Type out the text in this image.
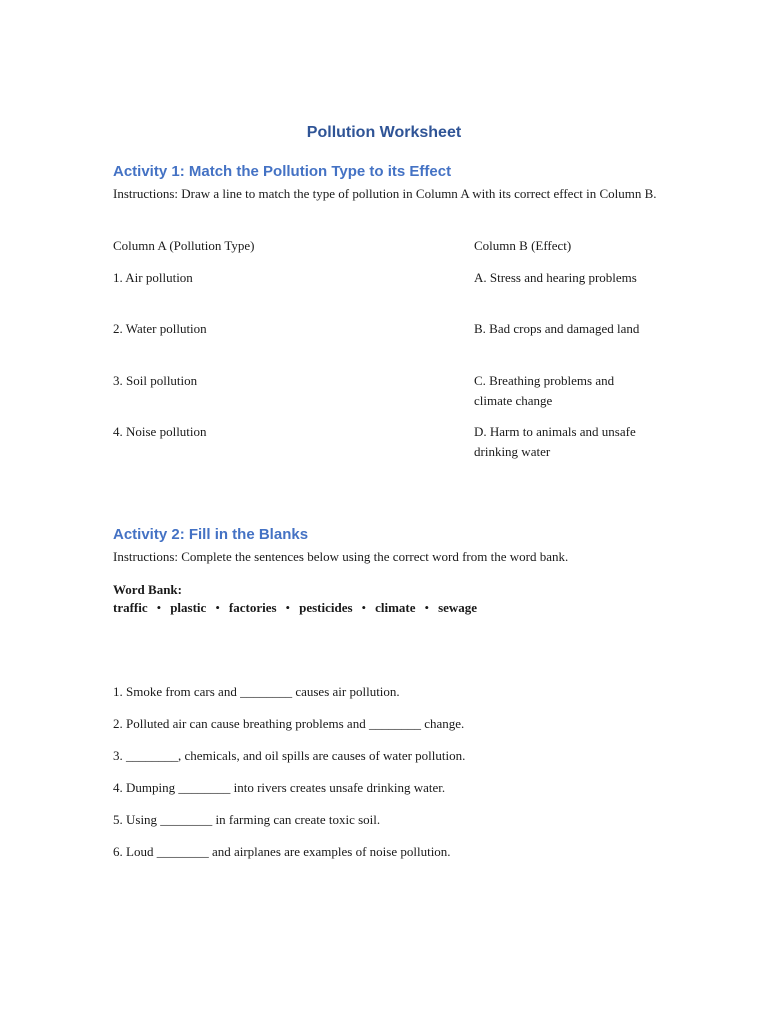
Pollution Worksheet
Activity 1: Match the Pollution Type to its Effect

Instructions: Draw a line to match the type of pollution in Column A with its correct effect in Column B.

Column A (Pollution Type)	Column B (Effect)

1. Air pollution	A. Stress and hearing problems

2. Water pollution	B. Bad crops and damaged land

3. Soil pollution	C. Breathing problems and climate change

4. Noise pollution	D. Harm to animals and unsafe drinking water

Activity 2: Fill in the Blanks

Instructions: Complete the sentences below using the correct word from the word bank.

Word Bank:

traffic • plastic • factories • pesticides • climate • sewage

1. Smoke from cars and ________ causes air pollution.

2. Polluted air can cause breathing problems and ________ change.

3. ________, chemicals, and oil spills are causes of water pollution.

4. Dumping ________ into rivers creates unsafe drinking water.

5. Using ________ in farming can create toxic soil.

6. Loud ________ and airplanes are examples of noise pollution.
